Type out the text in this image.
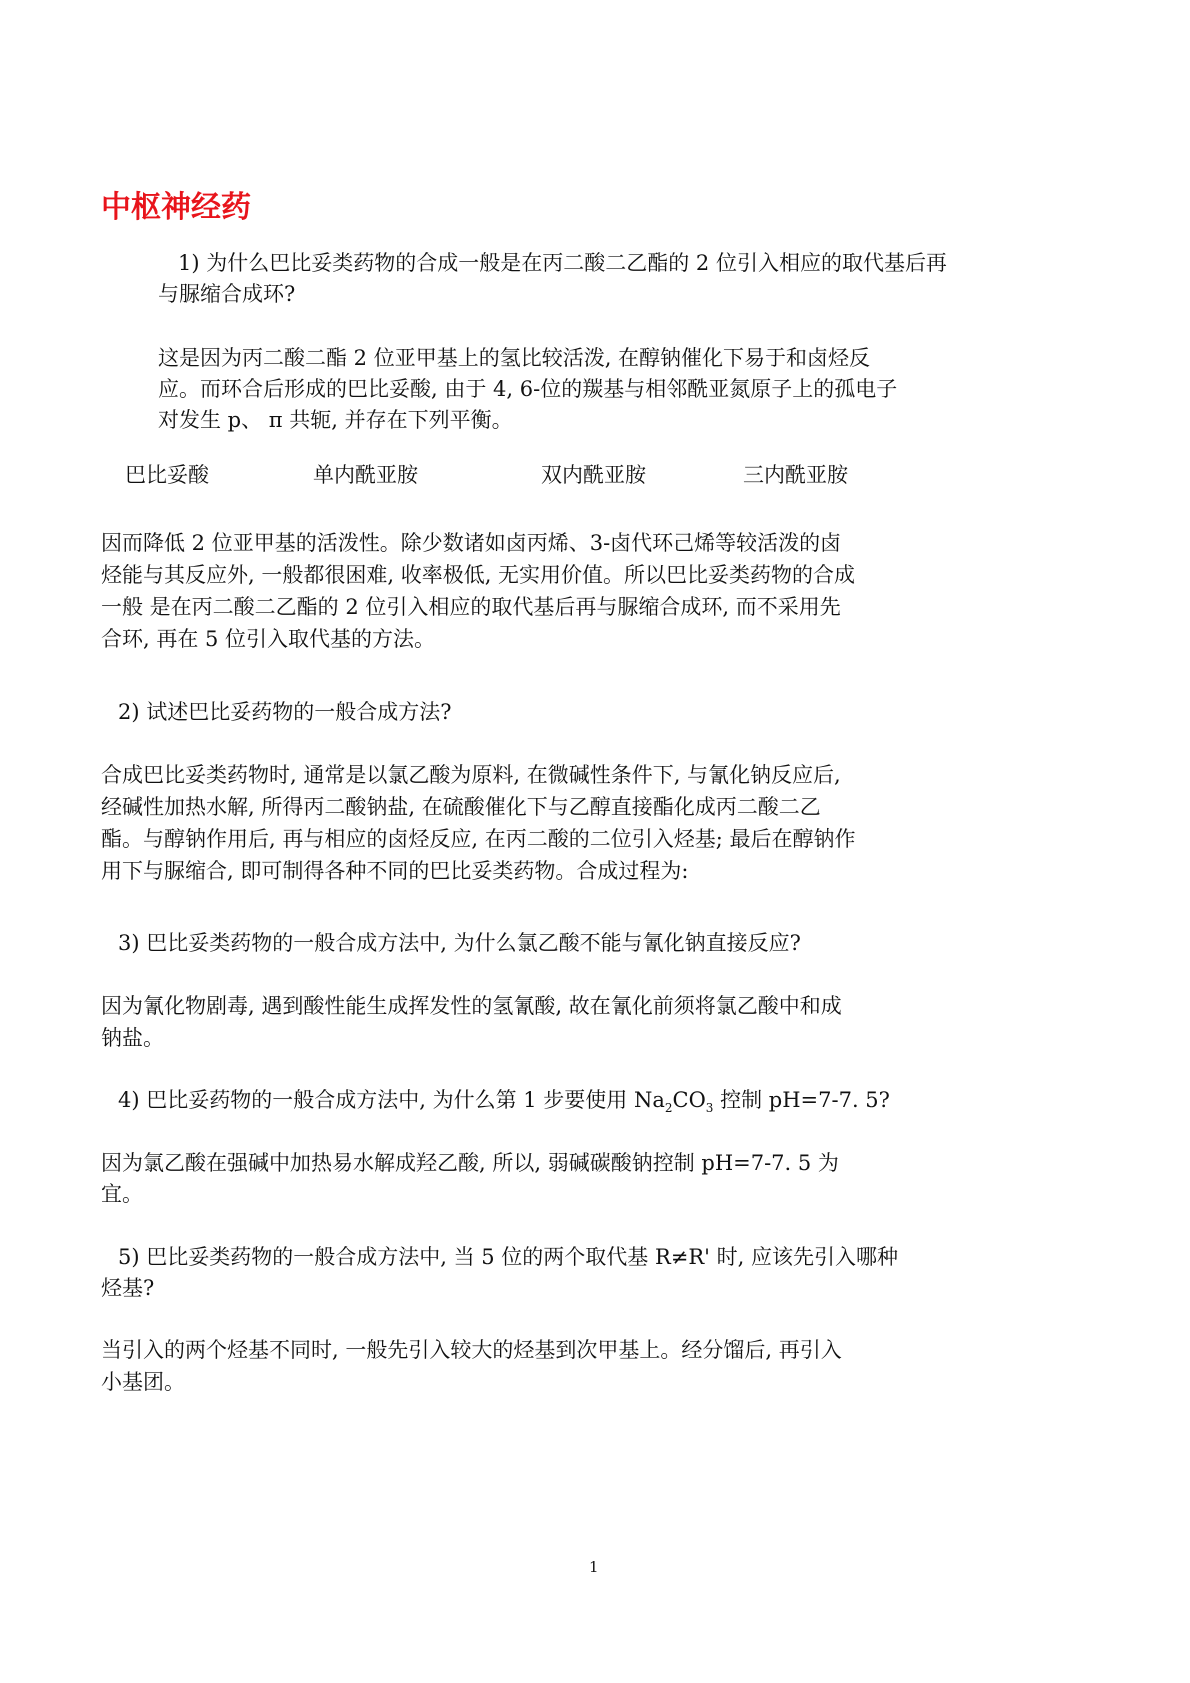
中枢神经药
1) 为什么巴比妥类药物的合成一般是在丙二酸二乙酯的 2 位引入相应的取代基后再
与脲缩合成环?
这是因为丙二酸二酯 2 位亚甲基上的氢比较活泼, 在醇钠催化下易于和卤烃反
应。而环合后形成的巴比妥酸, 由于 4, 6-位的羰基与相邻酰亚氮原子上的孤电子
对发生 p、 π 共轭, 并存在下列平衡。
巴比妥酸	单内酰亚胺	双内酰亚胺	三内酰亚胺
因而降低 2 位亚甲基的活泼性。除少数诸如卤丙烯、3-卤代环己烯等较活泼的卤
烃能与其反应外, 一般都很困难, 收率极低, 无实用价值。所以巴比妥类药物的合成
一般 是在丙二酸二乙酯的 2 位引入相应的取代基后再与脲缩合成环, 而不采用先
合环, 再在 5 位引入取代基的方法。
2) 试述巴比妥药物的一般合成方法?
合成巴比妥类药物时, 通常是以氯乙酸为原料, 在微碱性条件下, 与氰化钠反应后,
经碱性加热水解, 所得丙二酸钠盐, 在硫酸催化下与乙醇直接酯化成丙二酸二乙
酯。与醇钠作用后, 再与相应的卤烃反应, 在丙二酸的二位引入烃基; 最后在醇钠作
用下与脲缩合, 即可制得各种不同的巴比妥类药物。合成过程为:
3) 巴比妥类药物的一般合成方法中, 为什么氯乙酸不能与氰化钠直接反应?
因为氰化物剧毒, 遇到酸性能生成挥发性的氢氰酸, 故在氰化前须将氯乙酸中和成
钠盐。
4) 巴比妥药物的一般合成方法中, 为什么第 1 步要使用 $Na_2CO_3$ 控制 pH=7-7. 5?
因为氯乙酸在强碱中加热易水解成羟乙酸, 所以, 弱碱碳酸钠控制 pH=7-7. 5 为
宜。
5) 巴比妥类药物的一般合成方法中, 当 5 位的两个取代基 R≠R' 时, 应该先引入哪种
烃基?
当引入的两个烃基不同时, 一般先引入较大的烃基到次甲基上。经分馏后, 再引入
小基团。
1
